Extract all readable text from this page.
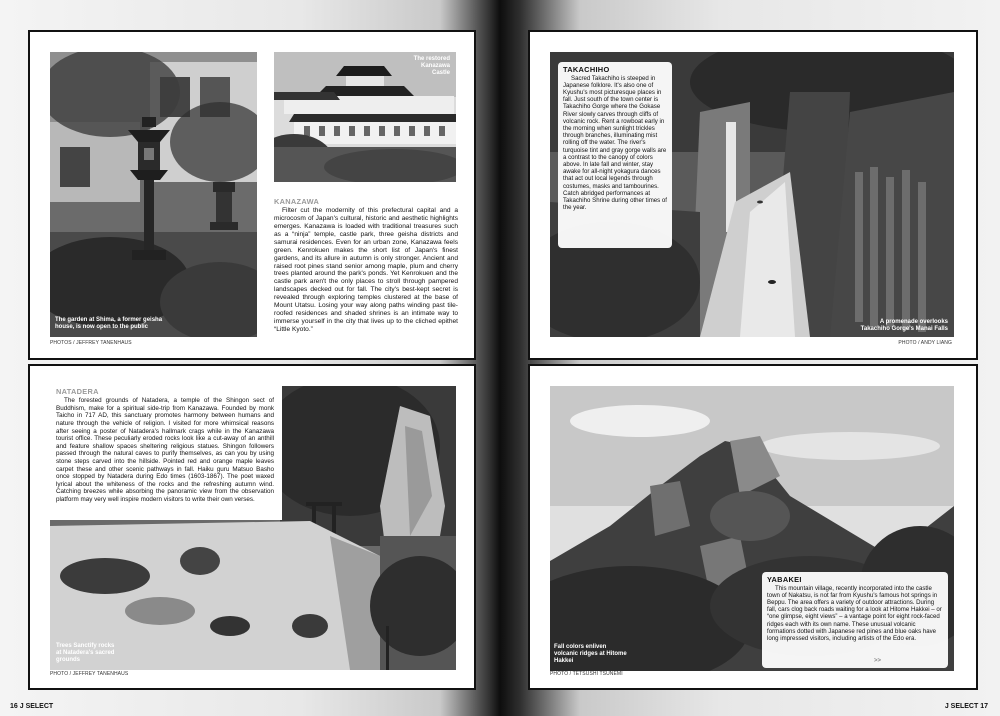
The garden at Shima, a former geisha house, is now open to the public
The restored Kanazawa Castle
KANAZAWA
Filter cut the modernity of this prefectural capital and a microcosm of Japan's cultural, historic and aesthetic highlights emerges. Kanazawa is loaded with traditional treasures such as a “ninja” temple, castle park, three geisha districts and samurai residences. Even for an urban zone, Kanazawa feels green. Kenrokuen makes the short list of Japan's finest gardens, and its allure in autumn is only stronger. Ancient and raised root pines stand senior among maple, plum and cherry trees planted around the park's ponds. Yet Kenrokuen and the castle park aren't the only places to stroll through pampered landscapes decked out for fall. The city's best-kept secret is revealed through exploring temples clustered at the base of Mount Utatsu. Losing your way along paths winding past tile-roofed residences and shaded shrines is an intimate way to immerse yourself in the city that lives up to the cliched epithet “Little Kyoto.”
PHOTOS / JEFFREY TANENHAUS
Trees Sanctify rocks at Natadera's sacred grounds
NATADERA
The forested grounds of Natadera, a temple of the Shingon sect of Buddhism, make for a spiritual side-trip from Kanazawa. Founded by monk Taicho in 717 AD, this sanctuary promotes harmony between humans and nature through the vehicle of religion. I visited for more whimsical reasons after seeing a poster of Natadera's hallmark crags while in the Kanazawa tourist office. These peculiarly eroded rocks look like a cut-away of an anthill and feature shallow spaces sheltering religious statues. Shingon followers passed through the natural caves to purify themselves, as can you by using stone steps carved into the hillside. Pointed red and orange maple leaves carpet these and other scenic pathways in fall. Haiku guru Matsuo Basho once stopped by Natadera during Edo times (1603-1867). The poet waxed lyrical about the whiteness of the rocks and the refreshing autumn wind. Catching breezes while absorbing the panoramic view from the observation platform may very well inspire modern visitors to write their own verses.
PHOTO / JEFFREY TANENHAUS
16 J SELECT
A promenade overlooks Takachiho Gorge's Manai Falls
TAKACHIHO
Sacred Takachiho is steeped in Japanese folklore. It's also one of Kyushu's most picturesque places in fall. Just south of the town center is Takachiho Gorge where the Gokase River slowly carves through cliffs of volcanic rock. Rent a rowboat early in the morning when sunlight trickles through branches, illuminating mist rolling off the water. The river's turquoise tint and gray gorge walls are a contrast to the canopy of colors above. In late fall and winter, stay awake for all-night yokagura dances that act out local legends through costumes, masks and tambourines. Catch abridged performances at Takachiho Shrine during other times of the year.
PHOTO / ANDY LIANG
Fall colors enliven volcanic ridges at Hitome Hakkei
YABAKEI
This mountain village, recently incorporated into the castle town of Nakatsu, is not far from Kyushu's famous hot springs in Beppu. The area offers a variety of outdoor attractions. During fall, cars clog back roads waiting for a look at Hitome Hakkei – or “one glimpse, eight views” – a vantage point for eight rock-faced ridges each with its own name. These unusual volcanic formations dotted with Japanese red pines and blue oaks have long impressed visitors, including artists of the Edo era.
>>
PHOTO / TETSUSHI TSUNEMI
J SELECT 17
